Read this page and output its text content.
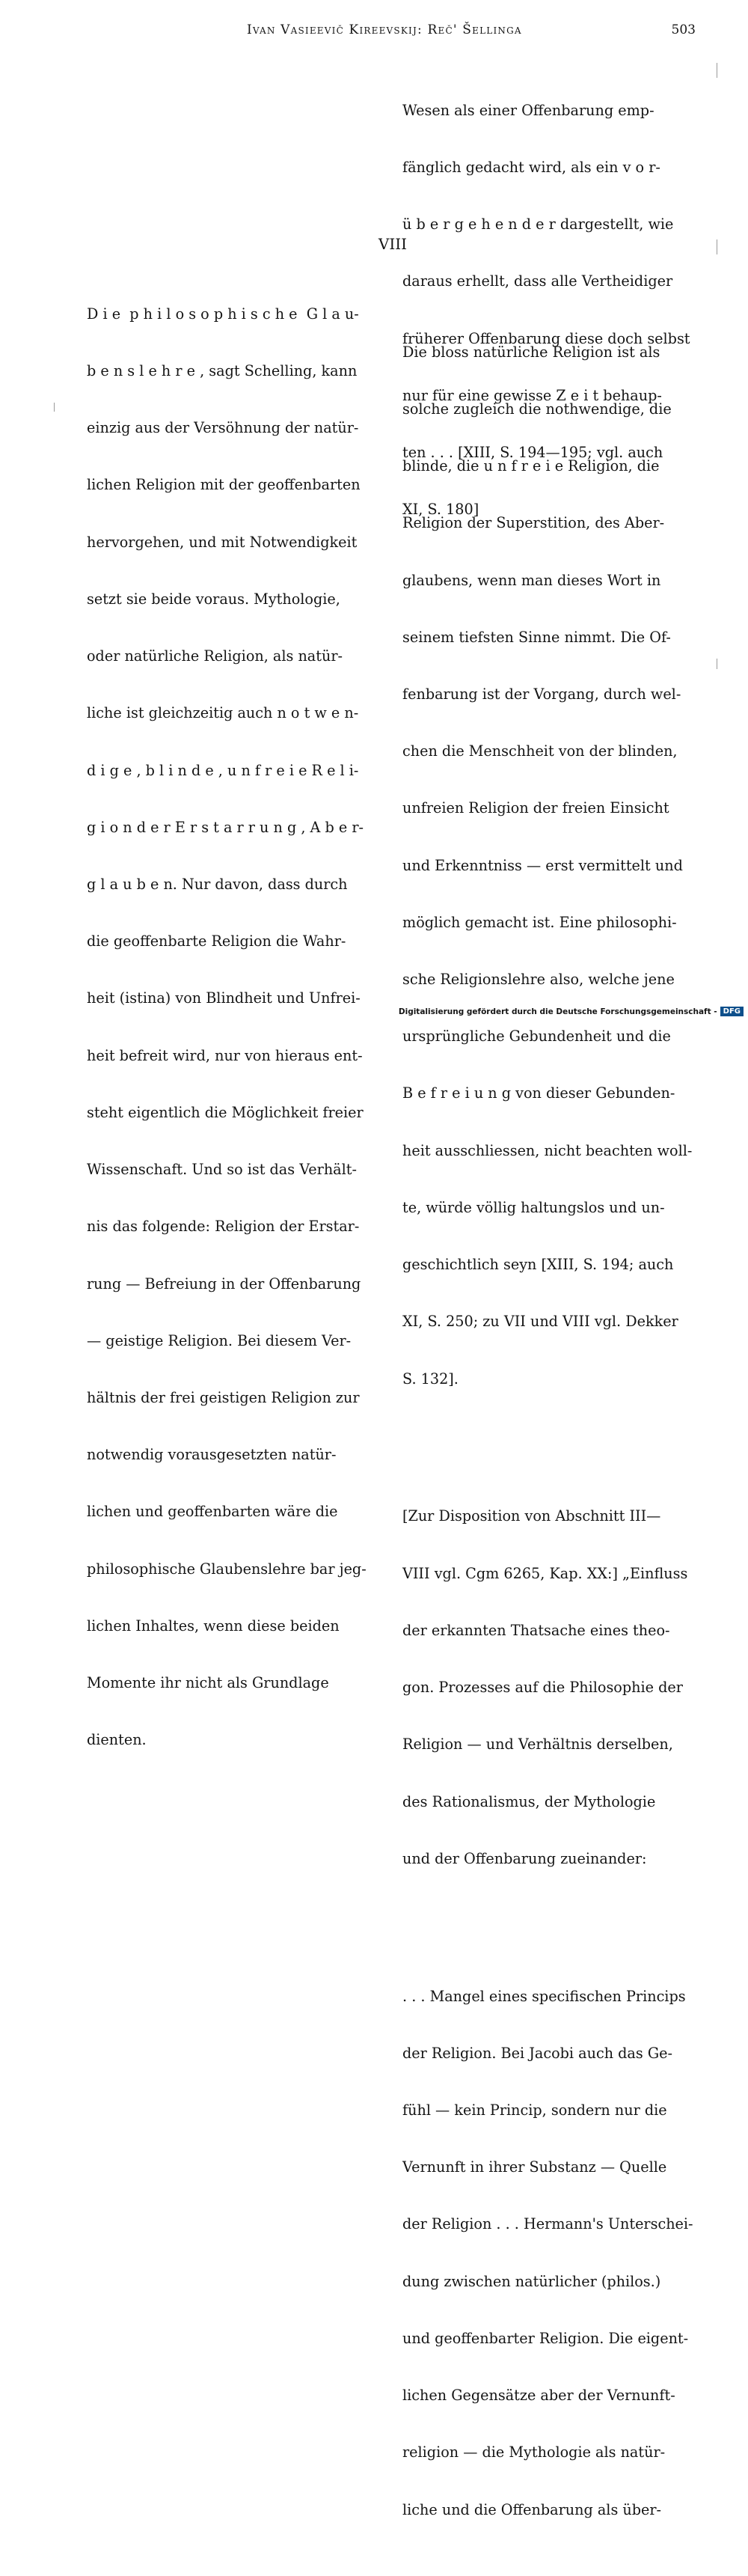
Ivan Vasieevič Kireevskij: Reč' Šellinga	503

Wesen als einer Offenbarung emp-

fänglich gedacht wird, als ein v o r-

ü b e r g e h e n d e r dargestellt, wie

daraus erhellt, dass alle Vertheidiger

früherer Offenbarung diese doch selbst

nur für eine gewisse Z e i t behaup-

ten . . . [XIII, S. 194—195; vgl. auch

XI, S. 180]

VIII

D i e  p h i l o s o p h i s c h e  G l a u-

b e n s l e h r e , sagt Schelling, kann

einzig aus der Versöhnung der natür-

lichen Religion mit der geoffenbarten

hervorgehen, und mit Notwendigkeit

setzt sie beide voraus. Mythologie,

oder natürliche Religion, als natür-

liche ist gleichzeitig auch n o t w e n-

d i g e , b l i n d e , u n f r e i e R e l i-

g i o n d e r E r s t a r r u n g , A b e r-

g l a u b e n. Nur davon, dass durch

die geoffenbarte Religion die Wahr-

heit (istina) von Blindheit und Unfrei-

heit befreit wird, nur von hieraus ent-

steht eigentlich die Möglichkeit freier

Wissenschaft. Und so ist das Verhält-

nis das folgende: Religion der Erstar-

rung — Befreiung in der Offenbarung

— geistige Religion. Bei diesem Ver-

hältnis der frei geistigen Religion zur

notwendig vorausgesetzten natür-

lichen und geoffenbarten wäre die

philosophische Glaubenslehre bar jeg-

lichen Inhaltes, wenn diese beiden

Momente ihr nicht als Grundlage

dienten.

Die bloss natürliche Religion ist als

solche zugleich die nothwendige, die

blinde, die u n f r e i e Religion, die

Religion der Superstition, des Aber-

glaubens, wenn man dieses Wort in

seinem tiefsten Sinne nimmt. Die Of-

fenbarung ist der Vorgang, durch wel-

chen die Menschheit von der blinden,

unfreien Religion der freien Einsicht

und Erkenntniss — erst vermittelt und

möglich gemacht ist. Eine philosophi-

sche Religionslehre also, welche jene

ursprüngliche Gebundenheit und die

B e f r e i u n g von dieser Gebunden-

heit ausschliessen, nicht beachten woll-

te, würde völlig haltungslos und un-

geschichtlich seyn [XIII, S. 194; auch

XI, S. 250; zu VII und VIII vgl. Dekker

S. 132].

[Zur Disposition von Abschnitt III—

VIII vgl. Cgm 6265, Kap. XX:] „Einfluss

der erkannten Thatsache eines theo-

gon. Prozesses auf die Philosophie der

Religion — und Verhältnis derselben,

des Rationalismus, der Mythologie

und der Offenbarung zueinander:

. . . Mangel eines specifischen Princips

der Religion. Bei Jacobi auch das Ge-

fühl — kein Princip, sondern nur die

Vernunft in ihrer Substanz — Quelle

der Religion . . . Hermann's Unterschei-

dung zwischen natürlicher (philos.)

und geoffenbarter Religion. Die eigent-

lichen Gegensätze aber der Vernunft-

religion — die Mythologie als natür-

liche und die Offenbarung als über-

Digitalisierung gefördert durch die Deutsche Forschungsgemeinschaft - DFG
